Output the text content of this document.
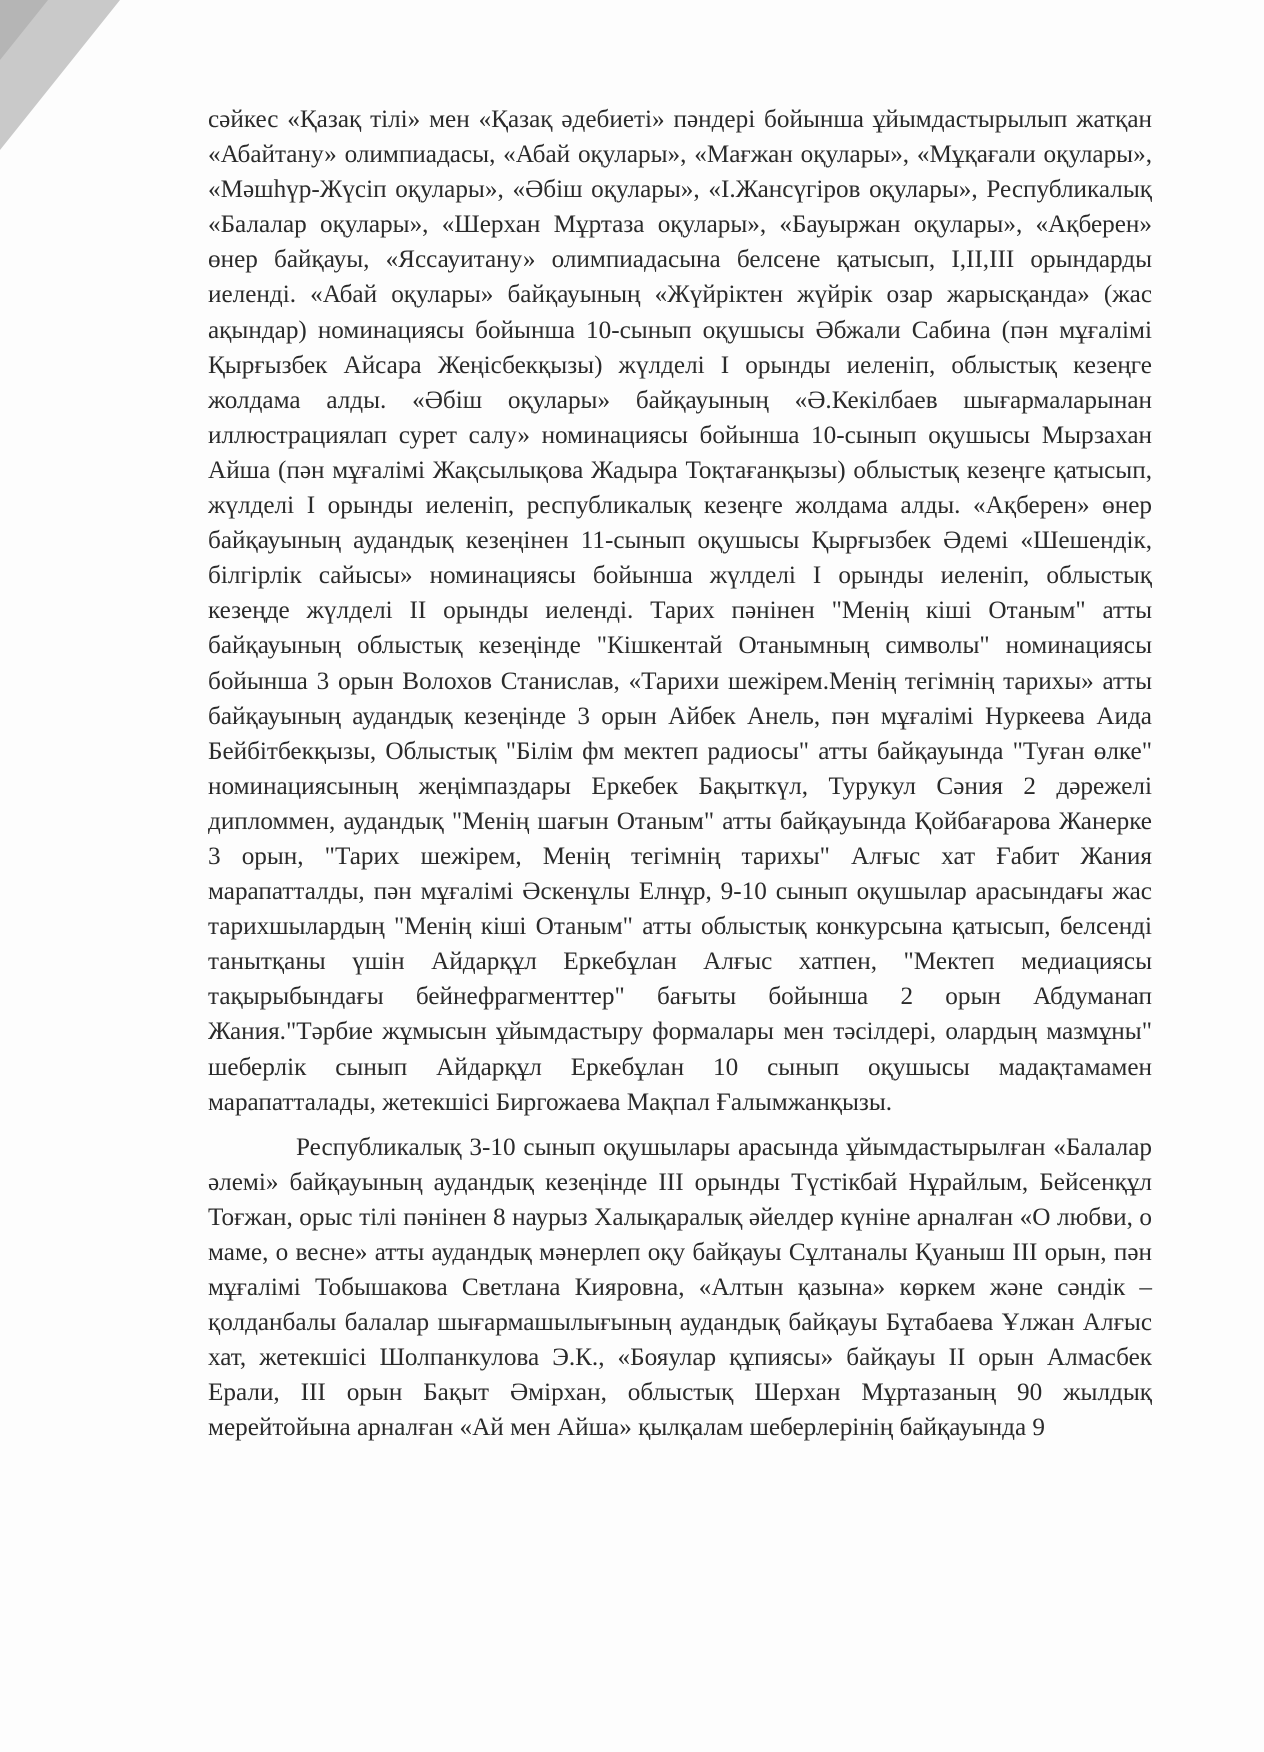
сәйкес «Қазақ тілі» мен «Қазақ әдебиеті» пәндері бойынша ұйымдастырылып жатқан «Абайтану» олимпиадасы, «Абай оқулары», «Мағжан оқулары», «Мұқағали оқулары», «Мәшһүр-Жүсіп оқулары», «Әбіш оқулары», «І.Жансүгіров оқулары», Республикалық «Балалар оқулары», «Шерхан Мұртаза оқулары», «Бауыржан оқулары», «Ақберен» өнер байқауы, «Яссауитану» олимпиадасына белсене қатысып, І,ІІ,ІІІ орындарды иеленді. «Абай оқулары» байқауының «Жүйріктен жүйрік озар жарысқанда» (жас ақындар) номинациясы бойынша 10-сынып оқушысы Әбжали Сабина (пән мұғалімі Қырғызбек Айсара Жеңісбекқызы) жүлделі І орынды иеленіп, облыстық кезеңге жолдама алды. «Әбіш оқулары» байқауының «Ә.Кекілбаев шығармаларынан иллюстрациялап сурет салу» номинациясы бойынша 10-сынып оқушысы Мырзахан Айша (пән мұғалімі Жақсылықова Жадыра Тоқтағанқызы) облыстық кезеңге қатысып, жүлделі І орынды иеленіп, республикалық кезеңге жолдама алды. «Ақберен» өнер байқауының аудандық кезеңінен 11-сынып оқушысы Қырғызбек Әдемі «Шешендік, білгірлік сайысы» номинациясы бойынша жүлделі І орынды иеленіп, облыстық кезеңде жүлделі ІІ орынды иеленді. Тарих пәнінен "Менің кіші Отаным" атты байқауының облыстық кезеңінде "Кішкентай Отанымның символы" номинациясы бойынша 3 орын Волохов Станислав, «Тарихи шежірем.Менің тегімнің тарихы» атты байқауының аудандық кезеңінде 3 орын Айбек Анель, пән мұғалімі Нуркеева Аида Бейбітбекқызы, Облыстық "Білім фм мектеп радиосы" атты байқауында "Туған өлке" номинациясының жеңімпаздары Еркебек Бақыткүл, Турукул Сәния 2 дәрежелі дипломмен, аудандық "Менің шағын Отаным" атты байқауында Қойбағарова Жанерке 3 орын, "Тарих шежірем, Менің тегімнің тарихы" Алғыс хат Ғабит Жания марапатталды, пән мұғалімі Әскенұлы Елнұр, 9-10 сынып оқушылар арасындағы жас тарихшылардың "Менің кіші Отаным" атты облыстық конкурсына қатысып, белсенді танытқаны үшін Айдарқұл Еркебұлан Алғыс хатпен, "Мектеп медиациясы тақырыбындағы бейнефрагменттер" бағыты бойынша 2 орын Абдуманап Жания."Тәрбие жұмысын ұйымдастыру формалары мен тәсілдері, олардың мазмұны" шеберлік сынып Айдарқұл Еркебұлан 10 сынып оқушысы мадақтамамен марапатталады, жетекшісі Биргожаева Мақпал Ғалымжанқызы.

Республикалық 3-10 сынып оқушылары арасында ұйымдастырылған «Балалар әлемі» байқауының аудандық кезеңінде ІІІ орынды Түстікбай Нұрайлым, Бейсенқұл Тоғжан, орыс тілі пәнінен 8 наурыз Халықаралық әйелдер күніне арналған «О любви, о маме, о весне» атты аудандық мәнерлеп оқу байқауы Сұлтаналы Қуаныш ІІІ орын, пән мұғалімі Тобышакова Светлана Кияровна, «Алтын қазына» көркем және сәндік –қолданбалы балалар шығармашылығының аудандық байқауы Бұтабаева Ұлжан Алғыс хат, жетекшісі Шолпанкулова Э.К., «Бояулар құпиясы» байқауы ІІ орын Алмасбек Ерали, ІІІ орын Бақыт Әмірхан, облыстық Шерхан Мұртазаның 90 жылдық мерейтойына арналған «Ай мен Айша» қылқалам шеберлерінің байқауында 9
